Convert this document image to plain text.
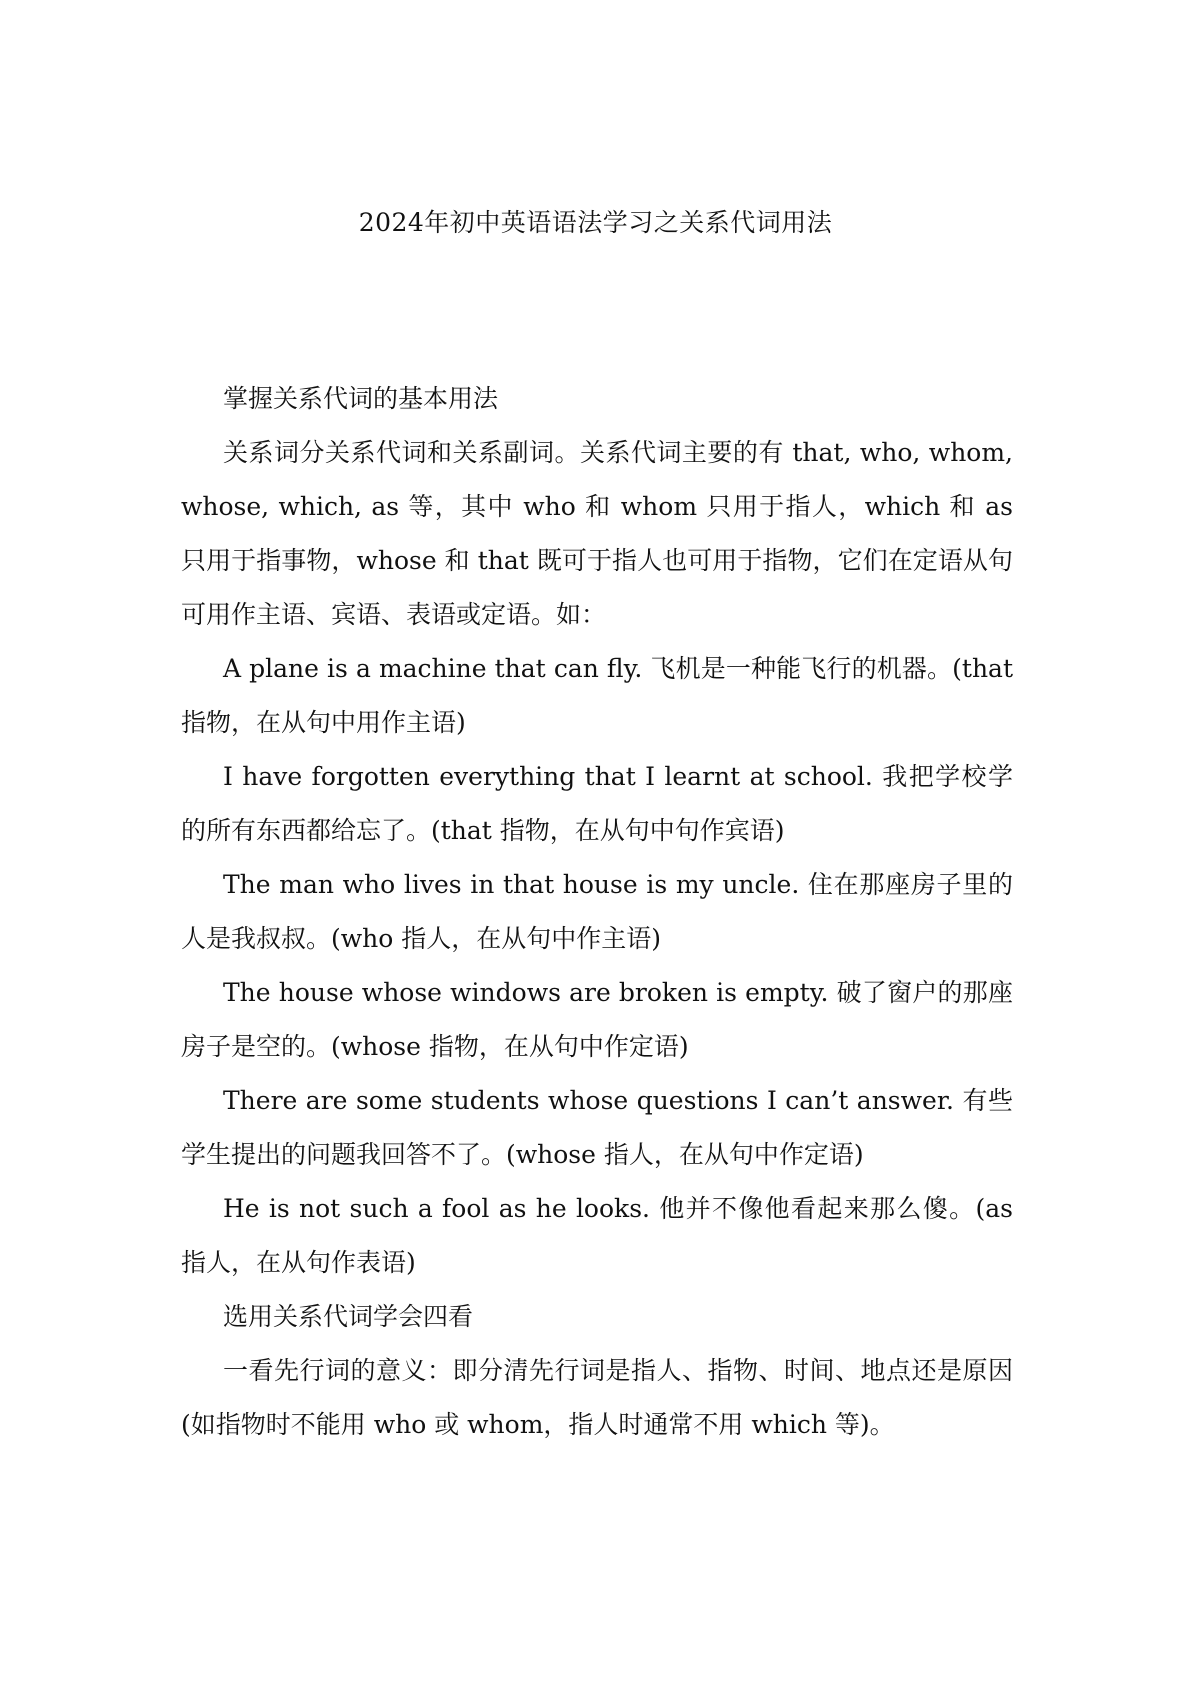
2024年初中英语语法学习之关系代词用法

掌握关系代词的基本用法

关系词分关系代词和关系副词。关系代词主要的有 that, who, whom, whose, which, as 等，其中 who 和 whom 只用于指人，which 和 as 只用于指事物，whose 和 that 既可于指人也可用于指物，它们在定语从句可用作主语、宾语、表语或定语。如：

A plane is a machine that can fly. 飞机是一种能飞行的机器。(that 指物，在从句中用作主语)

I have forgotten everything that I learnt at school. 我把学校学的所有东西都给忘了。(that 指物，在从句中句作宾语)

The man who lives in that house is my uncle. 住在那座房子里的人是我叔叔。(who 指人，在从句中作主语)

The house whose windows are broken is empty. 破了窗户的那座房子是空的。(whose 指物，在从句中作定语)

There are some students whose questions I can’t answer. 有些学生提出的问题我回答不了。(whose 指人，在从句中作定语)

He is not such a fool as he looks. 他并不像他看起来那么傻。(as 指人，在从句作表语)

选用关系代词学会四看

一看先行词的意义：即分清先行词是指人、指物、时间、地点还是原因(如指物时不能用 who 或 whom，指人时通常不用 which 等)。
